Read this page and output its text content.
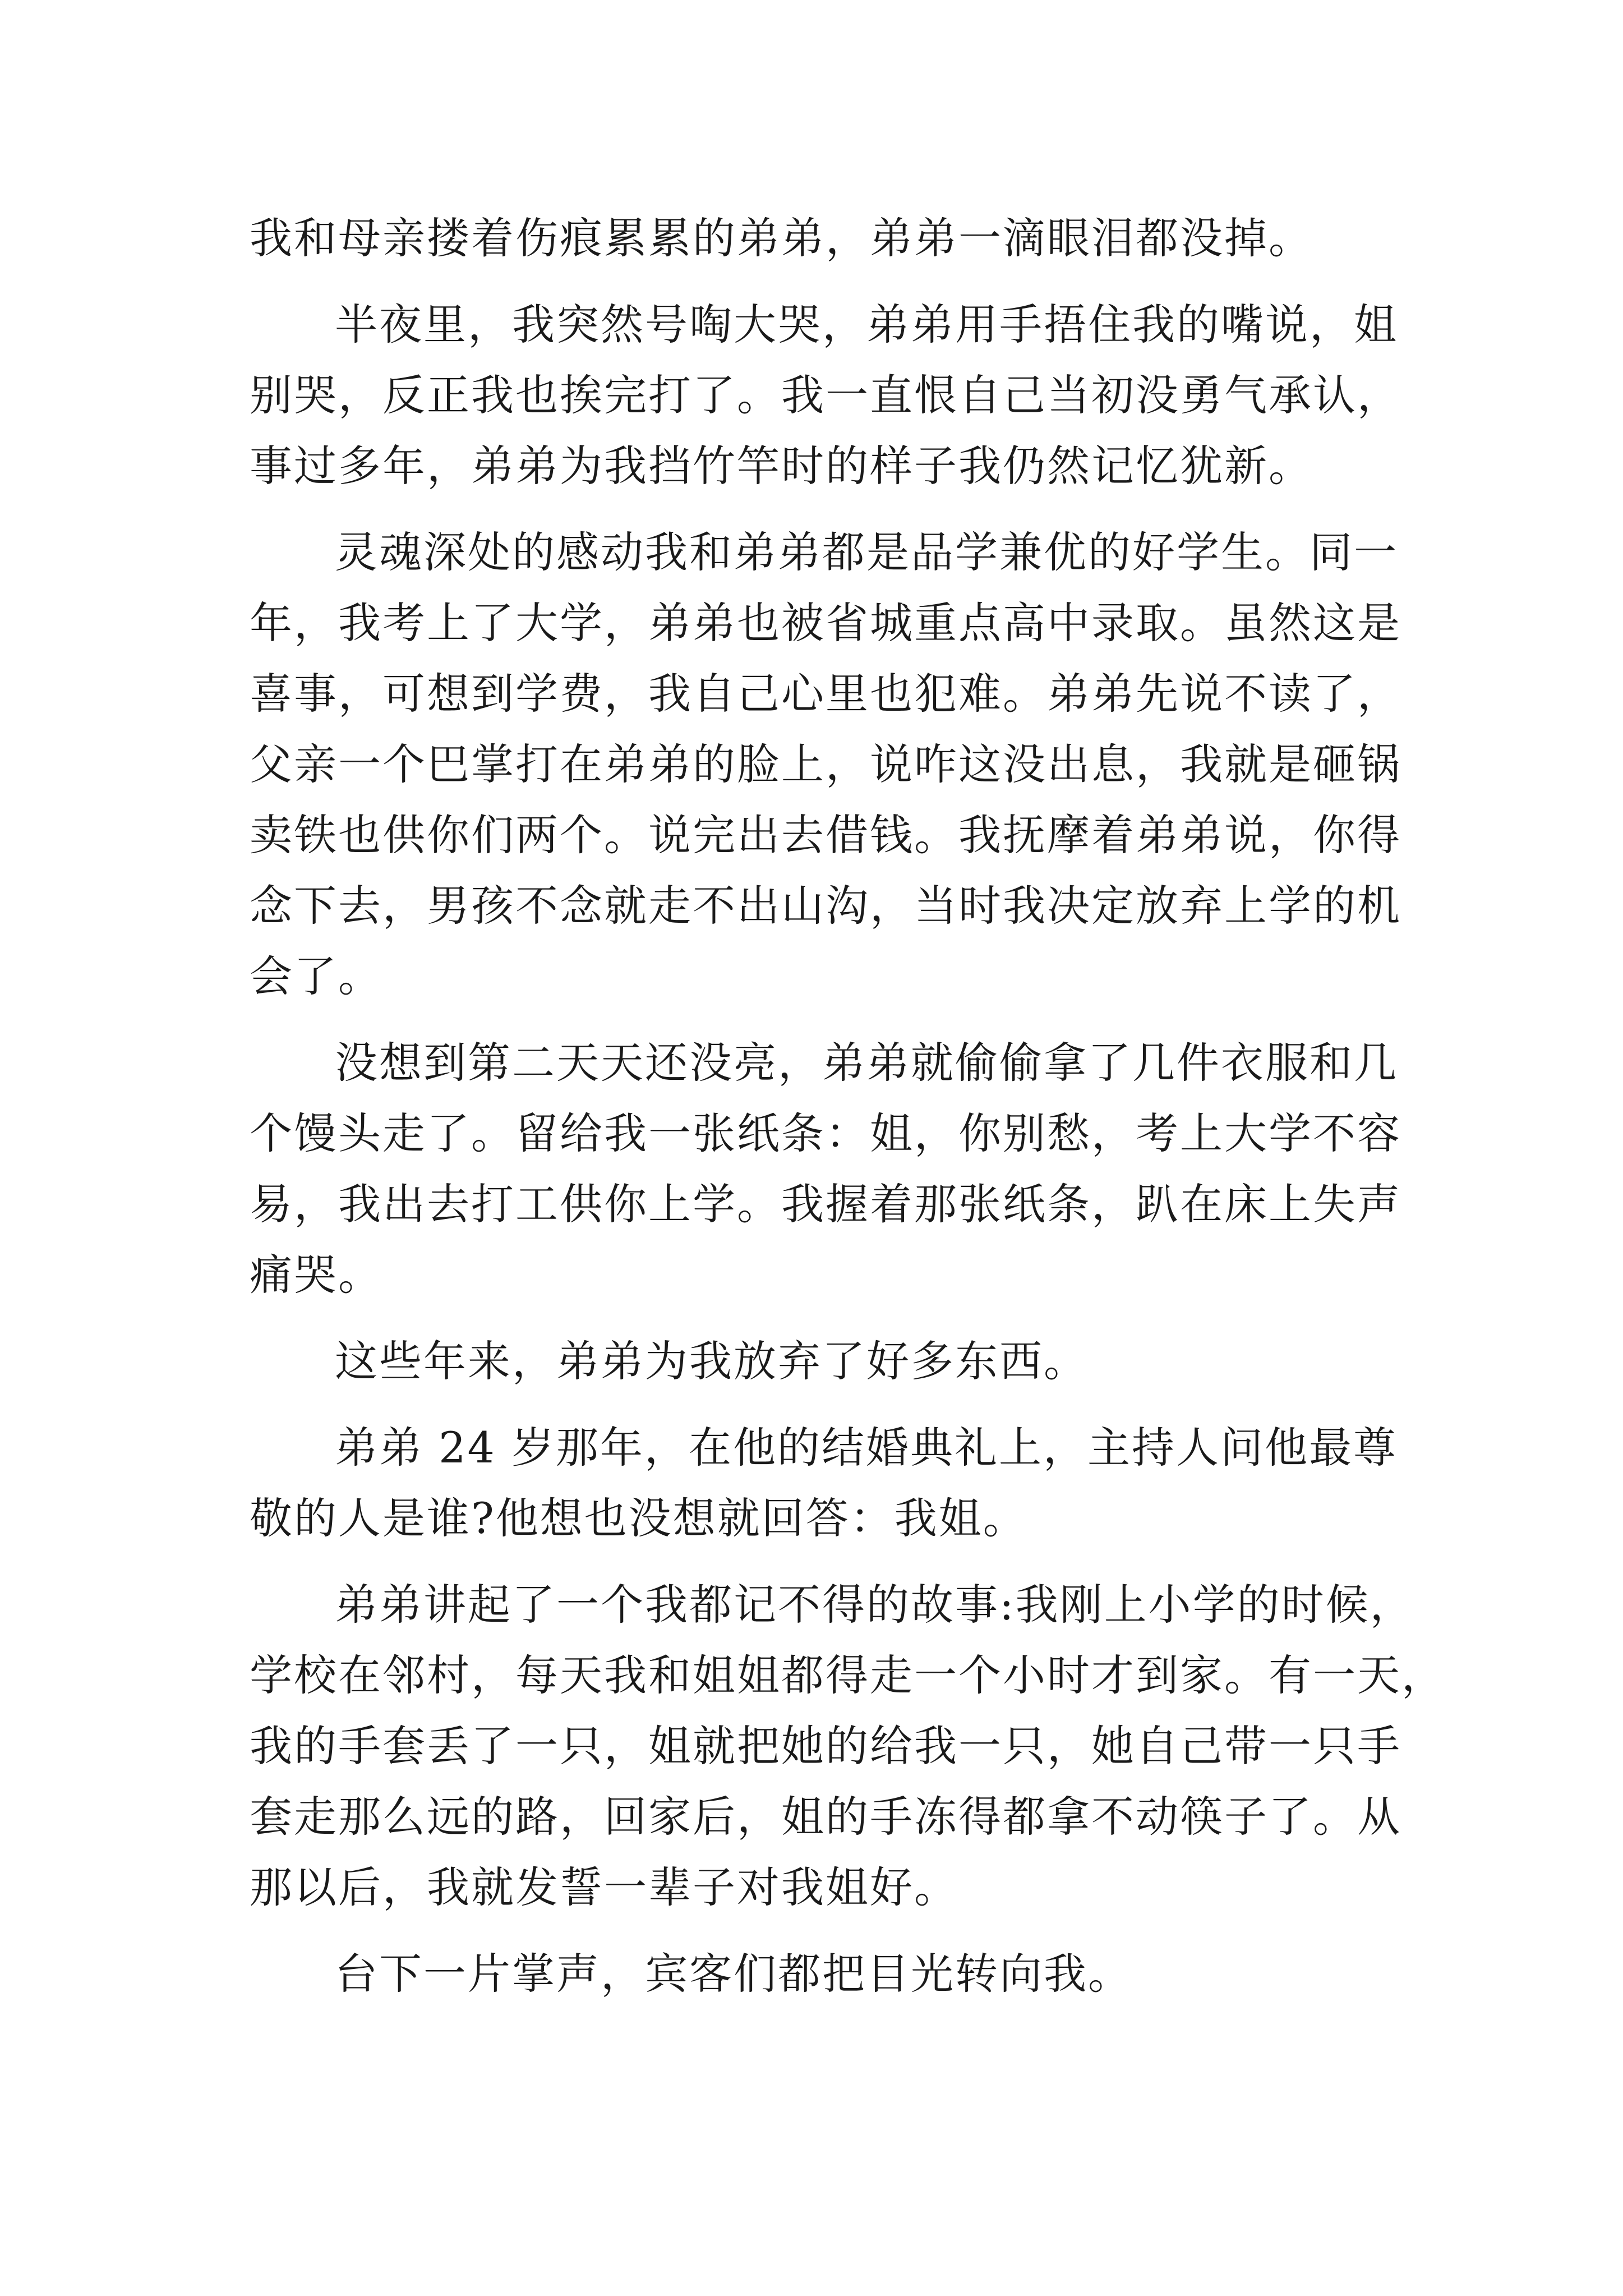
我和母亲搂着伤痕累累的弟弟，弟弟一滴眼泪都没掉。

半夜里，我突然号啕大哭，弟弟用手捂住我的嘴说，姐
别哭，反正我也挨完打了。我一直恨自己当初没勇气承认，
事过多年，弟弟为我挡竹竿时的样子我仍然记忆犹新。

灵魂深处的感动我和弟弟都是品学兼优的好学生。同一
年，我考上了大学，弟弟也被省城重点高中录取。虽然这是
喜事，可想到学费，我自己心里也犯难。弟弟先说不读了，
父亲一个巴掌打在弟弟的脸上，说咋这没出息，我就是砸锅
卖铁也供你们两个。说完出去借钱。我抚摩着弟弟说，你得
念下去，男孩不念就走不出山沟，当时我决定放弃上学的机
会了。

没想到第二天天还没亮，弟弟就偷偷拿了几件衣服和几
个馒头走了。留给我一张纸条：姐，你别愁，考上大学不容
易，我出去打工供你上学。我握着那张纸条，趴在床上失声
痛哭。

这些年来，弟弟为我放弃了好多东西。

弟弟 24 岁那年，在他的结婚典礼上，主持人问他最尊
敬的人是谁?他想也没想就回答：我姐。

弟弟讲起了一个我都记不得的故事:我刚上小学的时候，
学校在邻村，每天我和姐姐都得走一个小时才到家。有一天，
我的手套丢了一只，姐就把她的给我一只，她自己带一只手
套走那么远的路，回家后，姐的手冻得都拿不动筷子了。从
那以后，我就发誓一辈子对我姐好。

台下一片掌声，宾客们都把目光转向我。
